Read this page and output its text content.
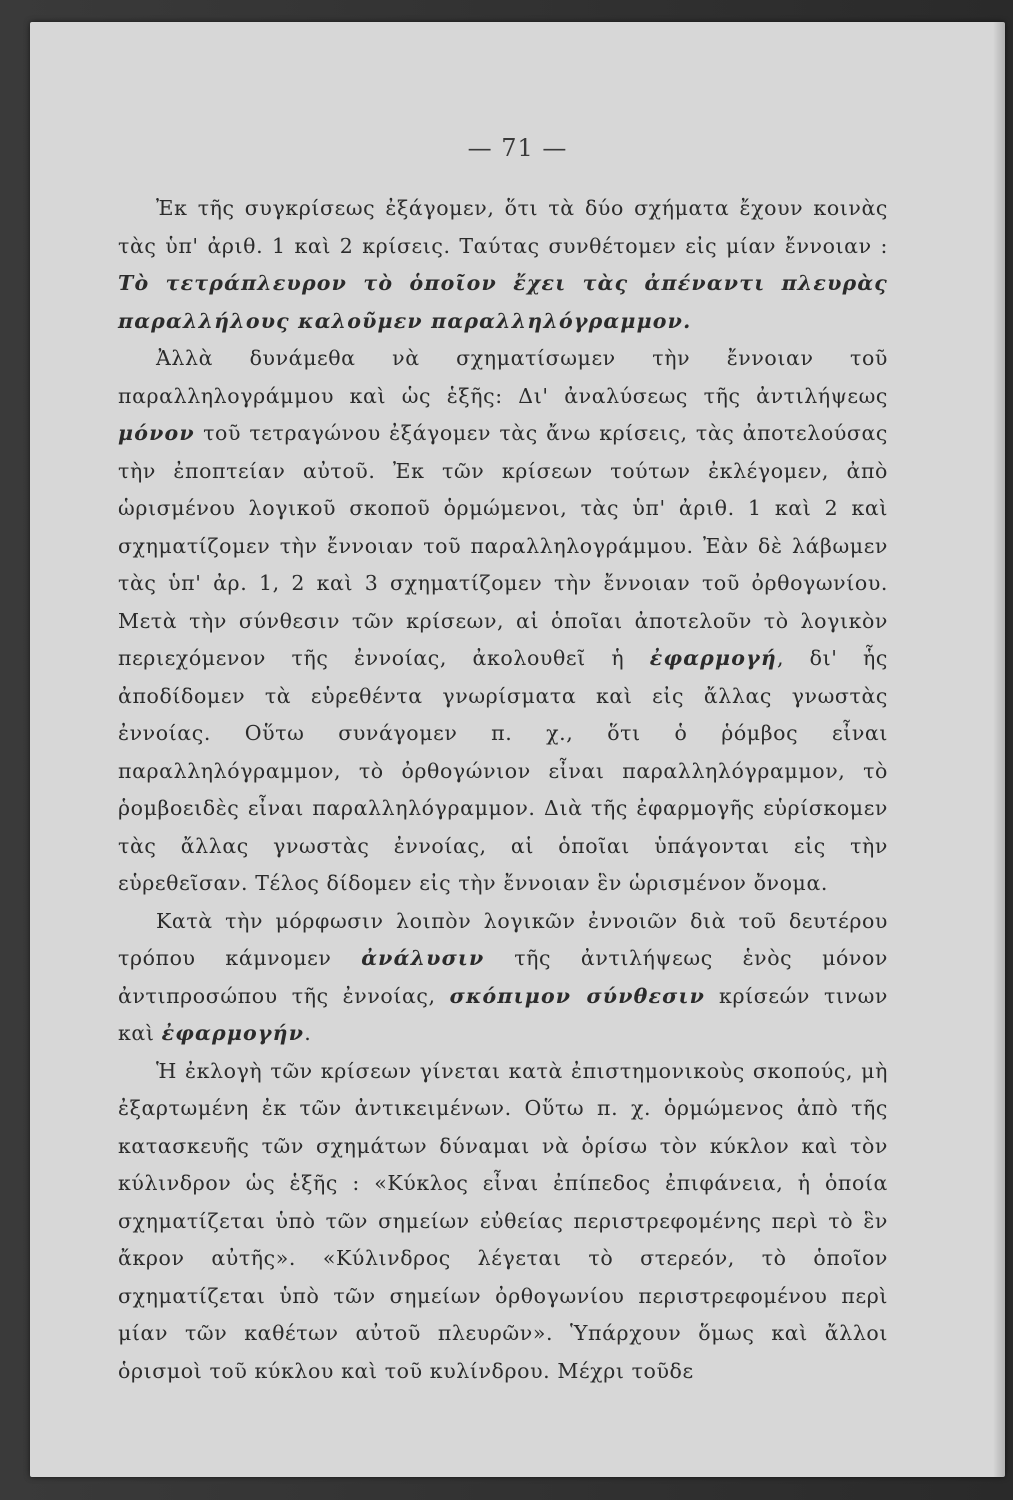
— 71 —

Ἐκ τῆς συγκρίσεως ἐξάγομεν, ὅτι τὰ δύο σχήματα ἔχουν κοινὰς τὰς ὑπ' ἀριθ. 1 καὶ 2 κρίσεις. Ταύτας συνθέτομεν εἰς μίαν ἔννοιαν : Τὸ τετράπλευρον τὸ ὁποῖον ἔχει τὰς ἀπέναντι πλευρὰς παραλλήλους καλοῦμεν παραλληλόγραμμον.

Ἀλλὰ δυνάμεθα νὰ σχηματίσωμεν τὴν ἔννοιαν τοῦ παραλληλογράμμου καὶ ὡς ἑξῆς: Δι' ἀναλύσεως τῆς ἀντιλήψεως μόνον τοῦ τετραγώνου ἐξάγομεν τὰς ἄνω κρίσεις, τὰς ἀποτελούσας τὴν ἐποπτείαν αὐτοῦ. Ἐκ τῶν κρίσεων τούτων ἐκλέγομεν, ἀπὸ ὡρισμένου λογικοῦ σκοποῦ ὁρμώμενοι, τὰς ὑπ' ἀριθ. 1 καὶ 2 καὶ σχηματίζομεν τὴν ἔννοιαν τοῦ παραλληλογράμμου. Ἐὰν δὲ λάβωμεν τὰς ὑπ' ἀρ. 1, 2 καὶ 3 σχηματίζομεν τὴν ἔννοιαν τοῦ ὀρθογωνίου. Μετὰ τὴν σύνθεσιν τῶν κρίσεων, αἱ ὁποῖαι ἀποτελοῦν τὸ λογικὸν περιεχόμενον τῆς ἐννοίας, ἀκολουθεῖ ἡ ἐφαρμογή, δι' ἧς ἀποδίδομεν τὰ εὑρεθέντα γνωρίσματα καὶ εἰς ἄλλας γνωστὰς ἐννοίας. Οὕτω συνάγομεν π. χ., ὅτι ὁ ῥόμβος εἶναι παραλληλόγραμμον, τὸ ὀρθογώνιον εἶναι παραλληλόγραμμον, τὸ ῥομβοειδὲς εἶναι παραλληλόγραμμον. Διὰ τῆς ἐφαρμογῆς εὑρίσκομεν τὰς ἄλλας γνωστὰς ἐννοίας, αἱ ὁποῖαι ὑπάγονται εἰς τὴν εὑρεθεῖσαν. Τέλος δίδομεν εἰς τὴν ἔννοιαν ἓν ὡρισμένον ὄνομα.

Κατὰ τὴν μόρφωσιν λοιπὸν λογικῶν ἐννοιῶν διὰ τοῦ δευτέρου τρόπου κάμνομεν ἀνάλυσιν τῆς ἀντιλήψεως ἑνὸς μόνον ἀντιπροσώπου τῆς ἐννοίας, σκόπιμον σύνθεσιν κρίσεών τινων καὶ ἐφαρμογήν.

Ἡ ἐκλογὴ τῶν κρίσεων γίνεται κατὰ ἐπιστημονικοὺς σκοπούς, μὴ ἐξαρτωμένη ἐκ τῶν ἀντικειμένων. Οὕτω π. χ. ὁρμώμενος ἀπὸ τῆς κατασκευῆς τῶν σχημάτων δύναμαι νὰ ὁρίσω τὸν κύκλον καὶ τὸν κύλινδρον ὡς ἑξῆς : «Κύκλος εἶναι ἐπίπεδος ἐπιφάνεια, ἡ ὁποία σχηματίζεται ὑπὸ τῶν σημείων εὐθείας περιστρεφομένης περὶ τὸ ἓν ἄκρον αὐτῆς». «Κύλινδρος λέγεται τὸ στερεόν, τὸ ὁποῖον σχηματίζεται ὑπὸ τῶν σημείων ὀρθογωνίου περιστρεφομένου περὶ μίαν τῶν καθέτων αὐτοῦ πλευρῶν». Ὑπάρχουν ὅμως καὶ ἄλλοι ὁρισμοὶ τοῦ κύκλου καὶ τοῦ κυλίνδρου. Μέχρι τοῦδε
